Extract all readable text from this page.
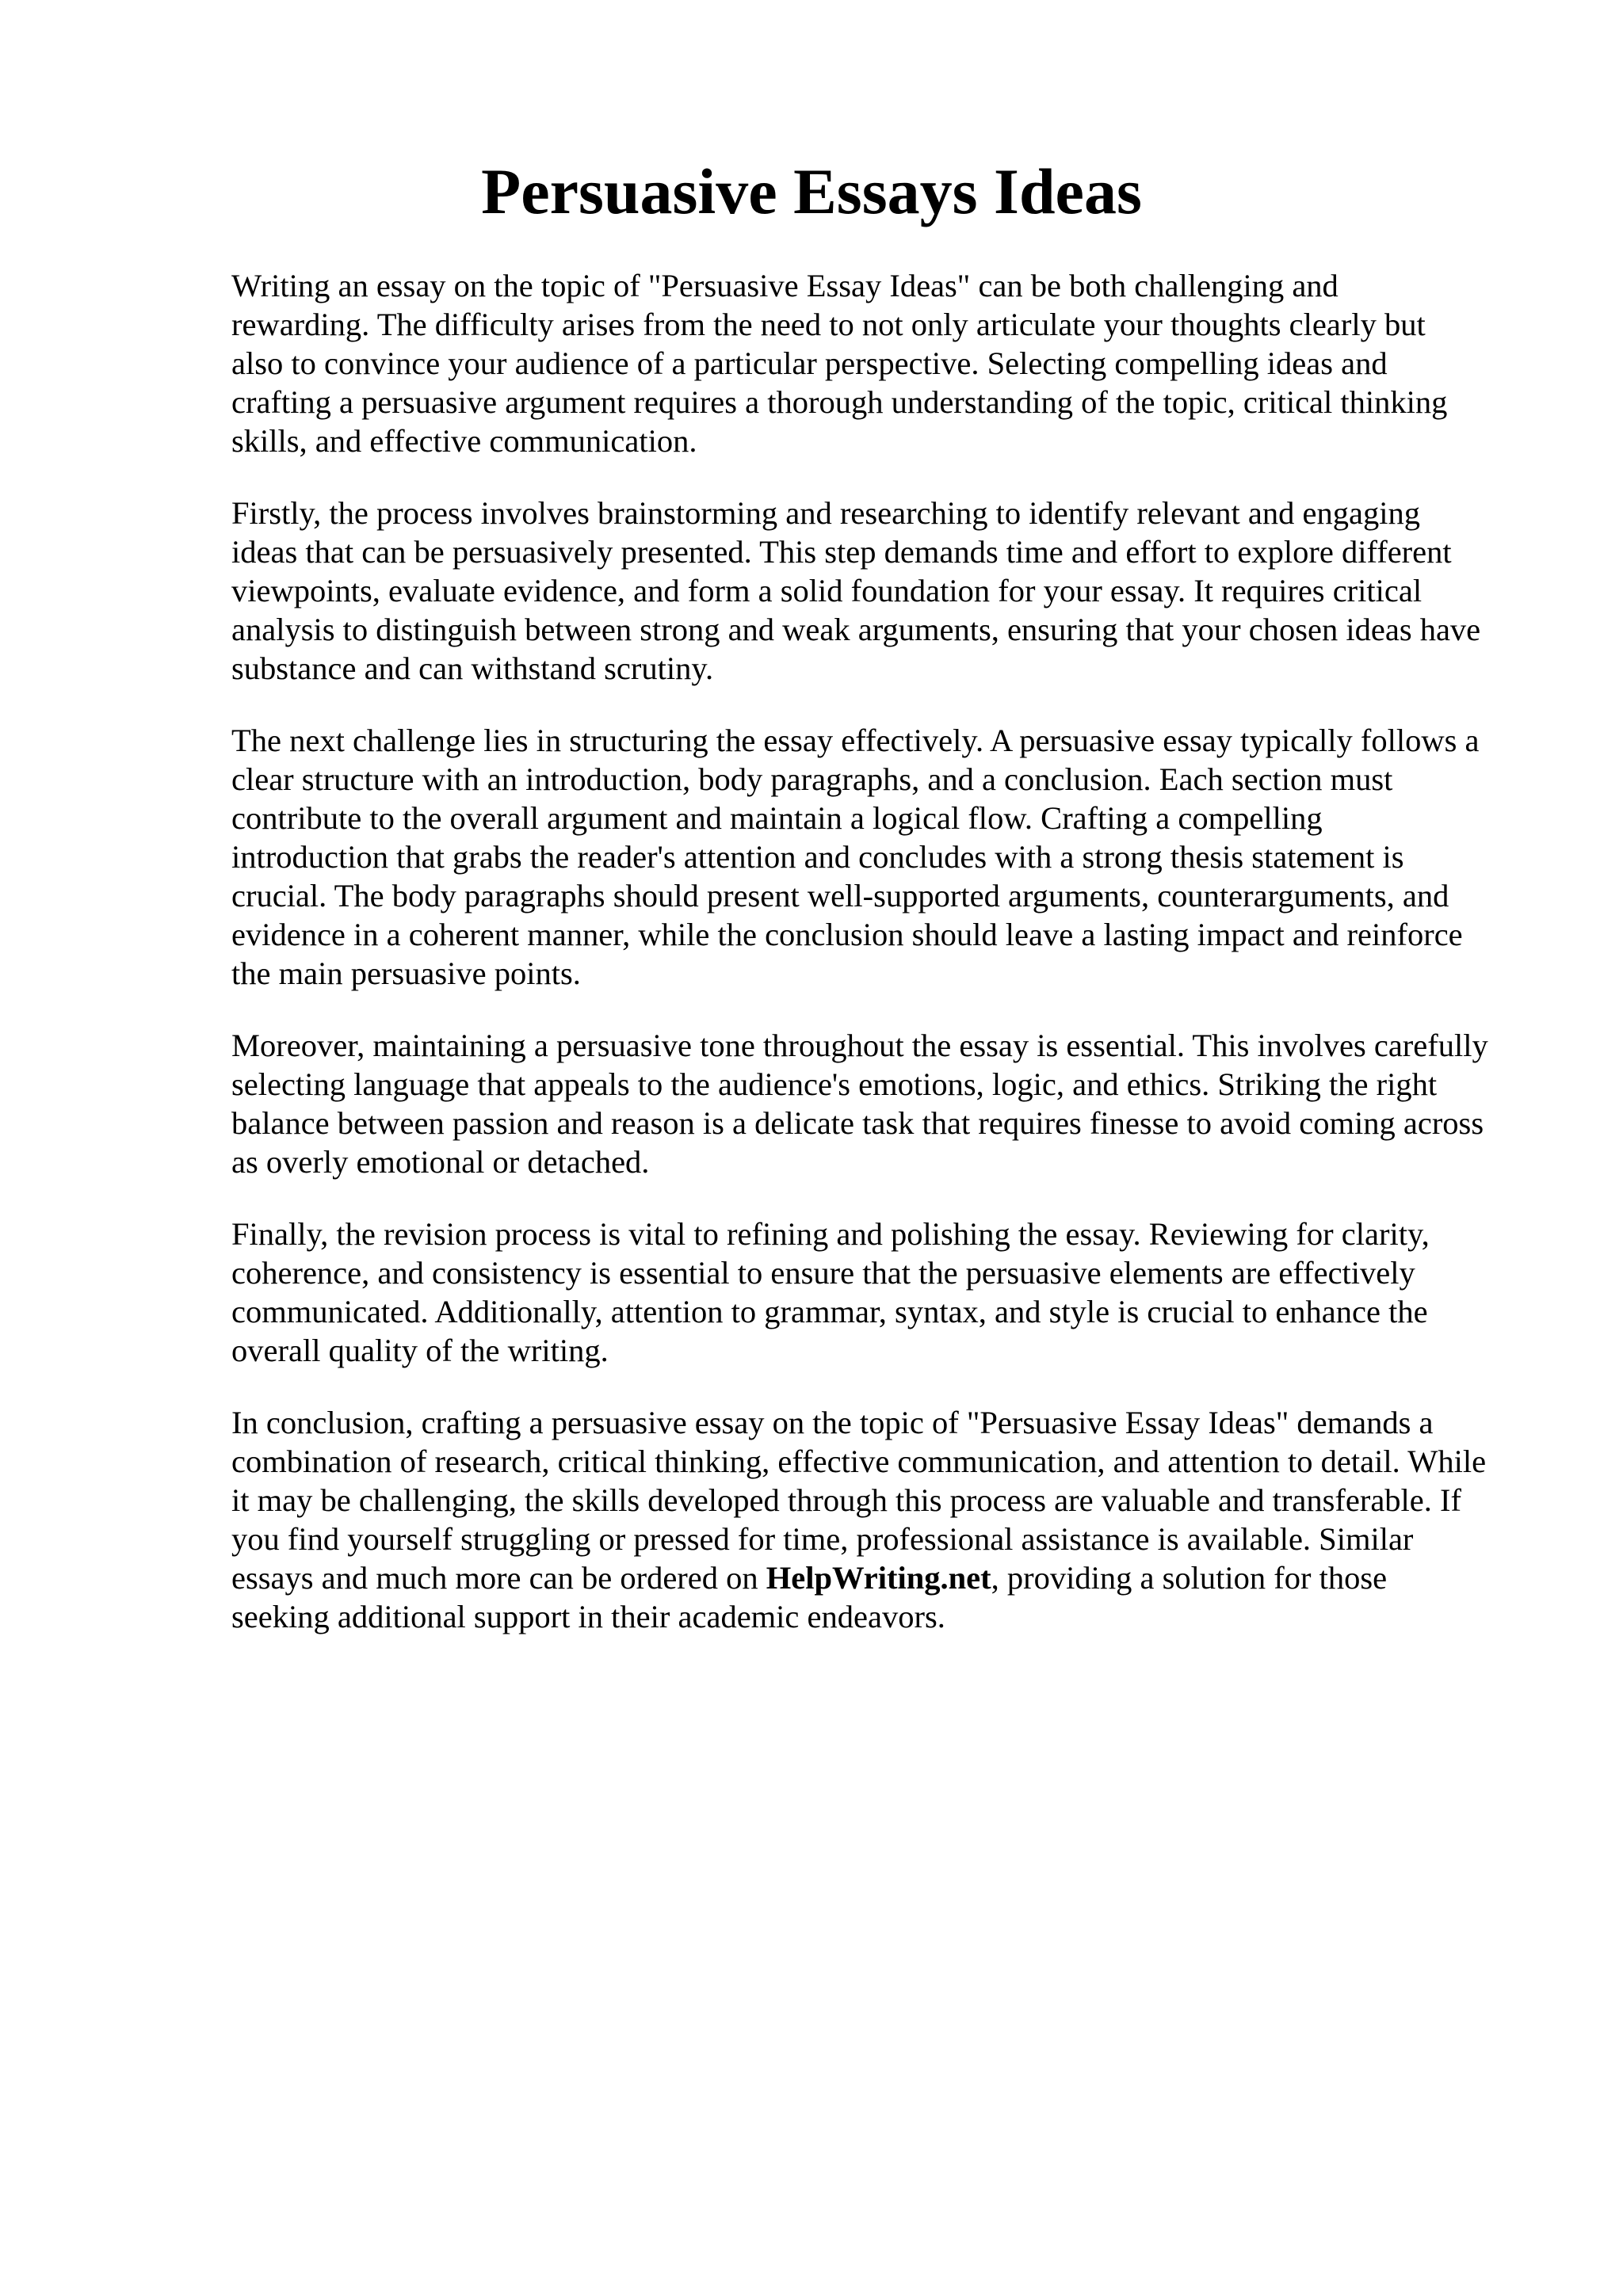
Persuasive Essays Ideas

Writing an essay on the topic of "Persuasive Essay Ideas" can be both challenging and
rewarding. The difficulty arises from the need to not only articulate your thoughts clearly but
also to convince your audience of a particular perspective. Selecting compelling ideas and
crafting a persuasive argument requires a thorough understanding of the topic, critical thinking
skills, and effective communication.

Firstly, the process involves brainstorming and researching to identify relevant and engaging
ideas that can be persuasively presented. This step demands time and effort to explore different
viewpoints, evaluate evidence, and form a solid foundation for your essay. It requires critical
analysis to distinguish between strong and weak arguments, ensuring that your chosen ideas have
substance and can withstand scrutiny.

The next challenge lies in structuring the essay effectively. A persuasive essay typically follows a
clear structure with an introduction, body paragraphs, and a conclusion. Each section must
contribute to the overall argument and maintain a logical flow. Crafting a compelling
introduction that grabs the reader's attention and concludes with a strong thesis statement is
crucial. The body paragraphs should present well-supported arguments, counterarguments, and
evidence in a coherent manner, while the conclusion should leave a lasting impact and reinforce
the main persuasive points.

Moreover, maintaining a persuasive tone throughout the essay is essential. This involves carefully
selecting language that appeals to the audience's emotions, logic, and ethics. Striking the right
balance between passion and reason is a delicate task that requires finesse to avoid coming across
as overly emotional or detached.

Finally, the revision process is vital to refining and polishing the essay. Reviewing for clarity,
coherence, and consistency is essential to ensure that the persuasive elements are effectively
communicated. Additionally, attention to grammar, syntax, and style is crucial to enhance the
overall quality of the writing.

In conclusion, crafting a persuasive essay on the topic of "Persuasive Essay Ideas" demands a
combination of research, critical thinking, effective communication, and attention to detail. While
it may be challenging, the skills developed through this process are valuable and transferable. If
you find yourself struggling or pressed for time, professional assistance is available. Similar
essays and much more can be ordered on HelpWriting.net, providing a solution for those
seeking additional support in their academic endeavors.
